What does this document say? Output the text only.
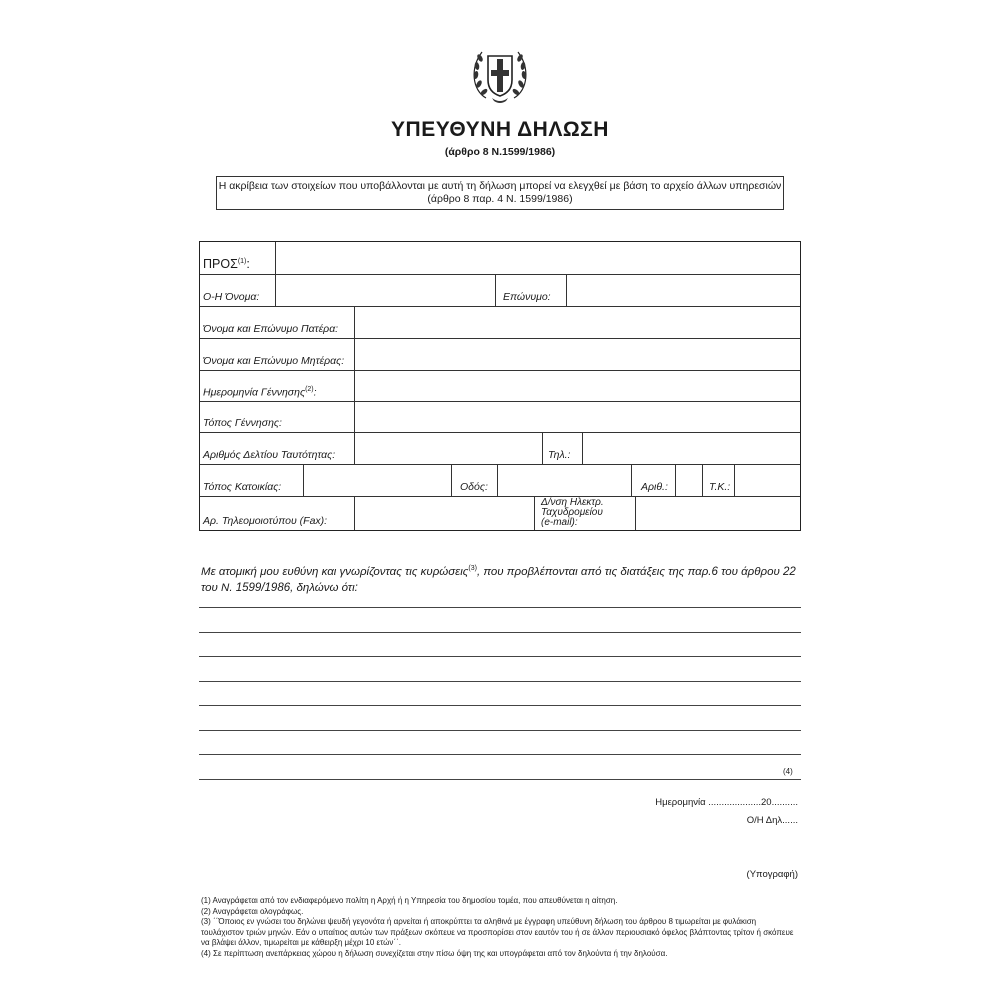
ΥΠΕΥΘΥΝΗ ΔΗΛΩΣΗ
(άρθρο 8 Ν.1599/1986)
Η ακρίβεια των στοιχείων που υποβάλλονται με αυτή τη δήλωση μπορεί να ελεγχθεί με βάση το αρχείο άλλων υπηρεσιών
(άρθρο 8 παρ. 4 Ν. 1599/1986)
ΠΡΟΣ$^{(1)}$:
Ο-Η Όνομα:	Επώνυμο:
Όνομα και Επώνυμο Πατέρα:
Όνομα και Επώνυμο Μητέρας:
Ημερομηνία Γέννησης$^{(2)}$:
Τόπος Γέννησης:
Αριθμός Δελτίου Ταυτότητας:	Τηλ.:
Τόπος Κατοικίας:	Οδός:	Αριθ.:	Τ.Κ.:
Αρ. Τηλεομοιοτύπου (Fax):
Δ/νση Ηλεκτρ.
Ταχυδρομείου
(e-mail):
Με ατομική μου ευθύνη και γνωρίζοντας τις κυρώσεις$^{(3)}$, που προβλέπονται από τις διατάξεις της παρ.6 του άρθρου 22 του Ν. 1599/1986, δηλώνω ότι:
(4)
Ημερομηνία ....................20..........
Ο/Η Δηλ......
(Υπογραφή)
(1) Αναγράφεται από τον ενδιαφερόμενο πολίτη η Αρχή ή η Υπηρεσία του δημοσίου τομέα, που απευθύνεται η αίτηση.
(2) Αναγράφεται ολογράφως.
(3) ΄΄Όποιος εν γνώσει του δηλώνει ψευδή γεγονότα ή αρνείται ή αποκρύπτει τα αληθινά με έγγραφη υπεύθυνη δήλωση του άρθρου 8 τιμωρείται με φυλάκιση τουλάχιστον τριών μηνών. Εάν ο υπαίτιος αυτών των πράξεων σκόπευε να προσπορίσει στον εαυτόν του ή σε άλλον περιουσιακό όφελος βλάπτοντας τρίτον ή σκόπευε να βλάψει άλλον, τιμωρείται με κάθειρξη μέχρι 10 ετών΄΄.
(4) Σε περίπτωση ανεπάρκειας χώρου η δήλωση συνεχίζεται στην πίσω όψη της και υπογράφεται από τον δηλούντα ή την δηλούσα.
